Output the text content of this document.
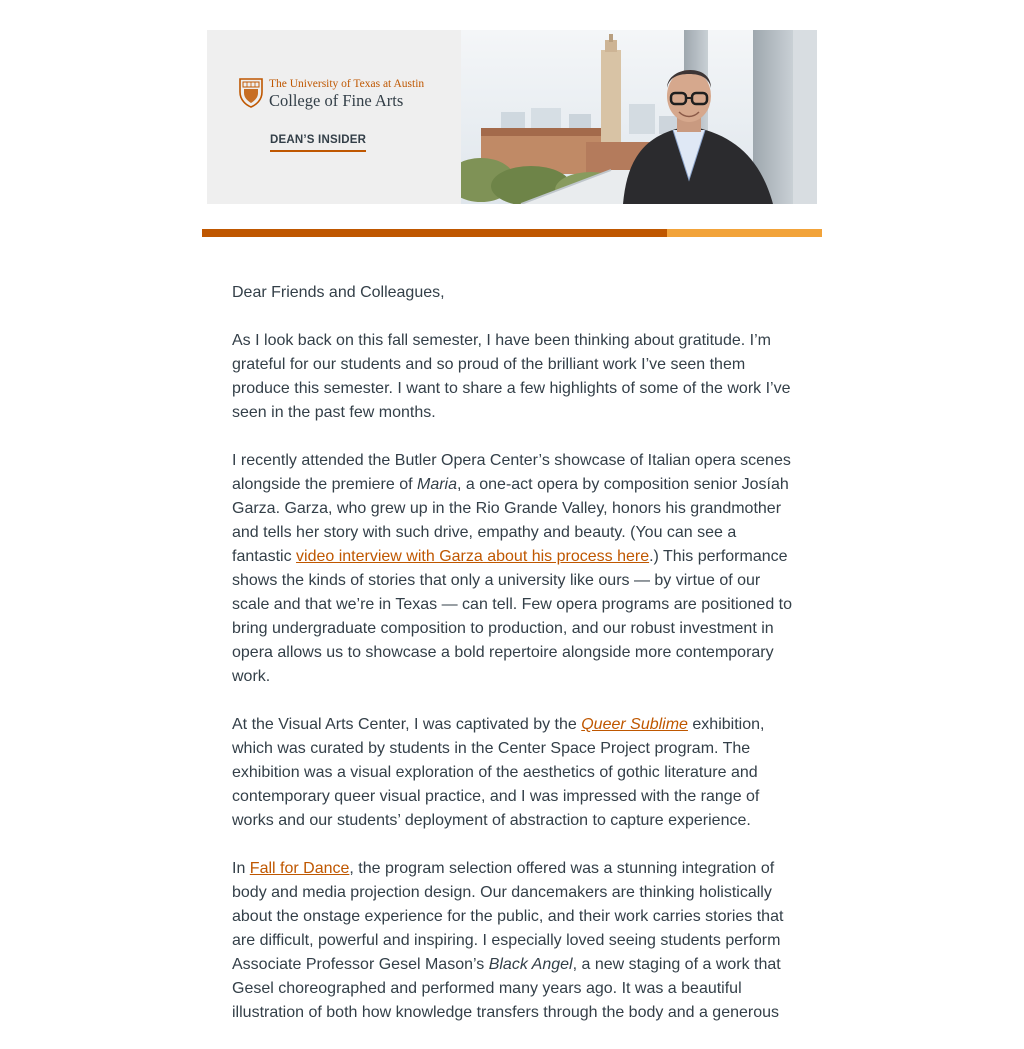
The University of Texas at Austin
College of Fine Arts
DEAN’S INSIDER

Dear Friends and Colleagues,

As I look back on this fall semester, I have been thinking about gratitude. I’m grateful for our students and so proud of the brilliant work I’ve seen them produce this semester. I want to share a few highlights of some of the work I’ve seen in the past few months.

I recently attended the Butler Opera Center’s showcase of Italian opera scenes alongside the premiere of Maria, a one-act opera by composition senior Josíah Garza. Garza, who grew up in the Rio Grande Valley, honors his grandmother and tells her story with such drive, empathy and beauty. (You can see a fantastic video interview with Garza about his process here.) This performance shows the kinds of stories that only a university like ours — by virtue of our scale and that we’re in Texas — can tell. Few opera programs are positioned to bring undergraduate composition to production, and our robust investment in opera allows us to showcase a bold repertoire alongside more contemporary work.

At the Visual Arts Center, I was captivated by the Queer Sublime exhibition, which was curated by students in the Center Space Project program. The exhibition was a visual exploration of the aesthetics of gothic literature and contemporary queer visual practice, and I was impressed with the range of works and our students’ deployment of abstraction to capture experience.

In Fall for Dance, the program selection offered was a stunning integration of body and media projection design. Our dancemakers are thinking holistically about the onstage experience for the public, and their work carries stories that are difficult, powerful and inspiring. I especially loved seeing students perform Associate Professor Gesel Mason’s Black Angel, a new staging of a work that Gesel choreographed and performed many years ago. It was a beautiful illustration of both how knowledge transfers through the body and a generous
